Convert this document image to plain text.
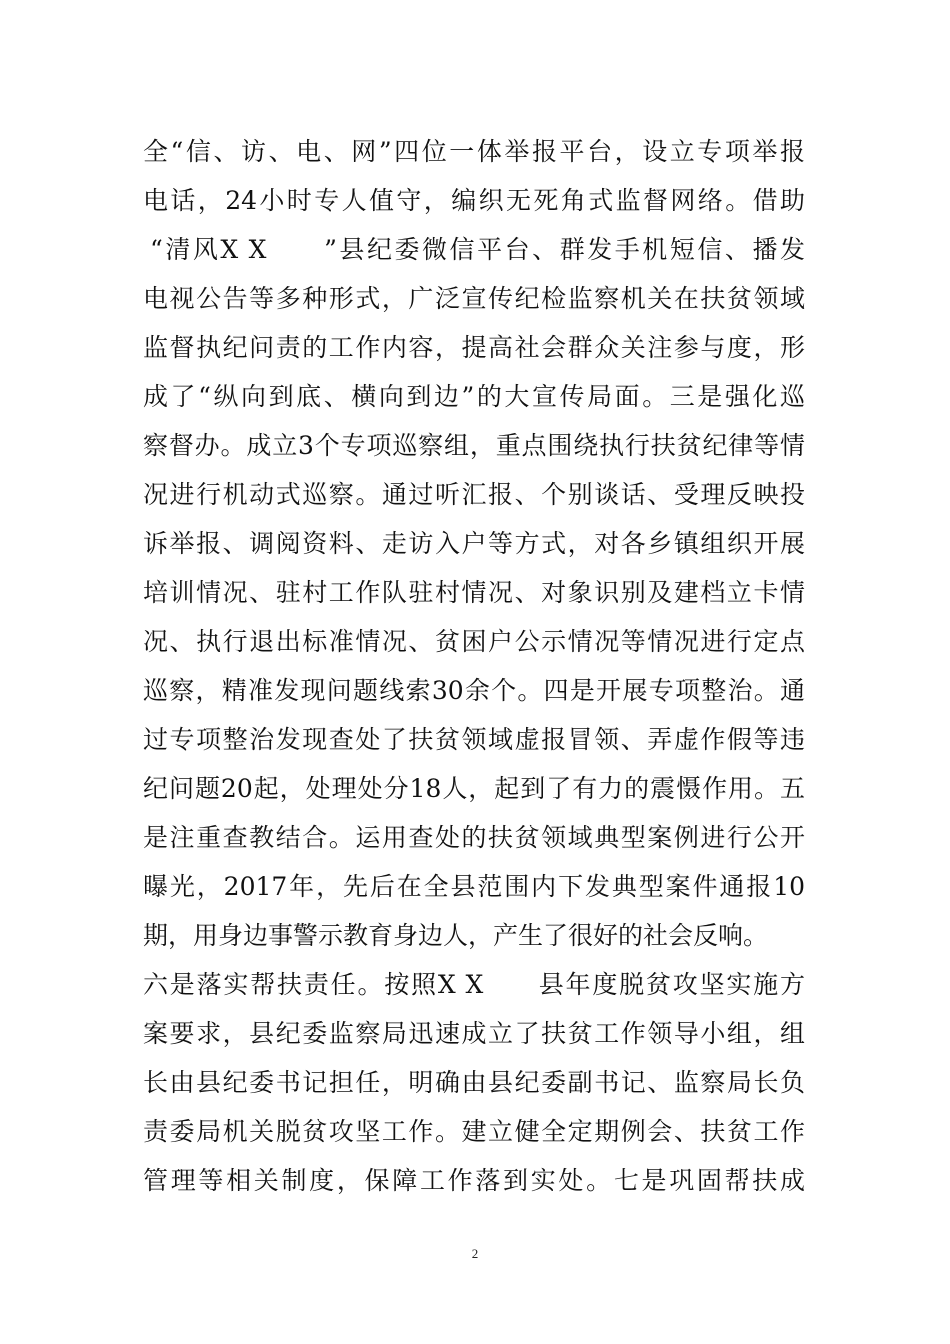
全“信、访、电、网”四位一体举报平台，设立专项举报
电话，24小时专人值守，编织无死角式监督网络。借助
“清风X X　　”县纪委微信平台、群发手机短信、播发
电视公告等多种形式，广泛宣传纪检监察机关在扶贫领域
监督执纪问责的工作内容，提高社会群众关注参与度，形
成了“纵向到底、横向到边”的大宣传局面。三是强化巡
察督办。成立3个专项巡察组，重点围绕执行扶贫纪律等情
况进行机动式巡察。通过听汇报、个别谈话、受理反映投
诉举报、调阅资料、走访入户等方式，对各乡镇组织开展
培训情况、驻村工作队驻村情况、对象识别及建档立卡情
况、执行退出标准情况、贫困户公示情况等情况进行定点
巡察，精准发现问题线索30余个。四是开展专项整治。通
过专项整治发现查处了扶贫领域虚报冒领、弄虚作假等违
纪问题20起，处理处分18人，起到了有力的震慑作用。五
是注重查教结合。运用查处的扶贫领域典型案例进行公开
曝光，2017年，先后在全县范围内下发典型案件通报10
期，用身边事警示教育身边人，产生了很好的社会反响。
六是落实帮扶责任。按照X X　　县年度脱贫攻坚实施方
案要求，县纪委监察局迅速成立了扶贫工作领导小组，组
长由县纪委书记担任，明确由县纪委副书记、监察局长负
责委局机关脱贫攻坚工作。建立健全定期例会、扶贫工作
管理等相关制度，保障工作落到实处。七是巩固帮扶成
2
